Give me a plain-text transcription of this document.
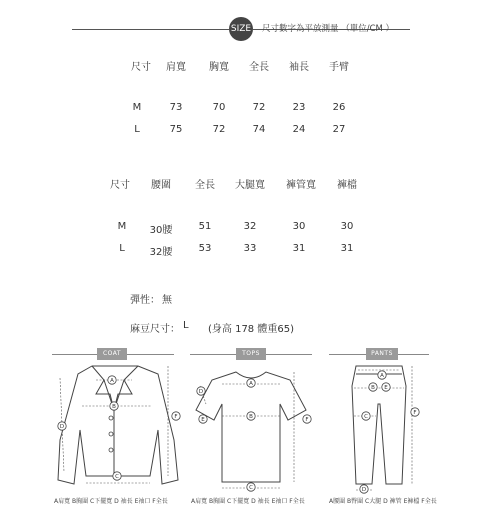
SIZE 尺寸數字為平放測量 （單位/CM ）
尺寸 肩寬 胸寬 全長 袖長 手臂
M	73	70	72	23	26
L	75	72	74	24	27
尺寸 腰圍 全長 大腿寬 褲管寬 褲檔
M 30腰	51	32	30	30
L 32腰	53	33	31	31
彈性： 無
麻豆尺寸： L (身高 178 體重65)
COAT	TOPS	PANTS
A
B
C
D
F
A
B
C
D
E	F
A
B E
C
D
F
A肩寬 B胸圍 C下擺寬 D 袖長 E袖口 F全長	A肩寬 B胸圍 C下擺寬 D 袖長 E袖口 F全長	A腰圍 B臀圍 C大腿 D 褲管 E褲檔 F全長
